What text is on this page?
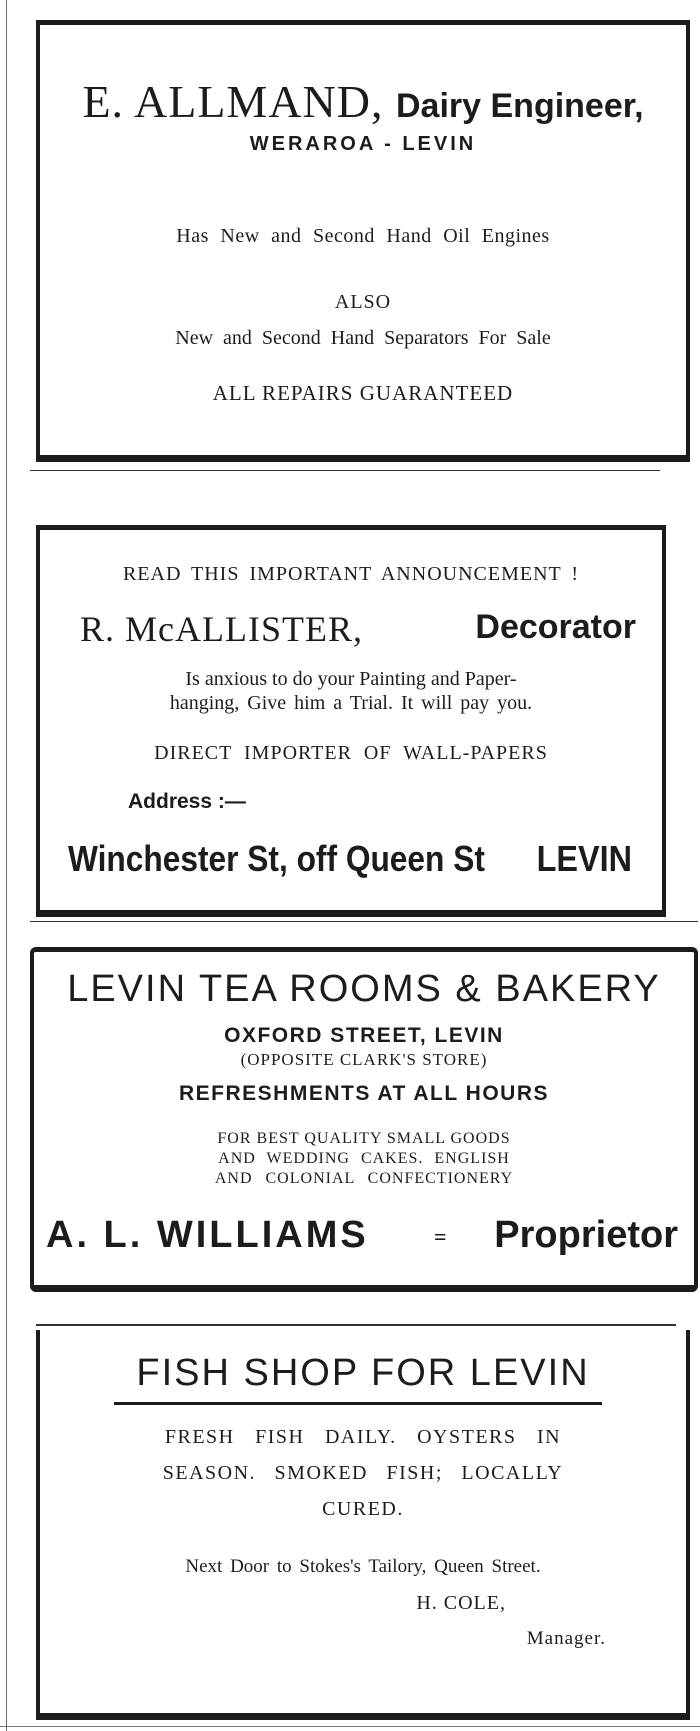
E. ALLMAND, Dairy Engineer,
WERAROA - LEVIN
Has New and Second Hand Oil Engines
ALSO
New and Second Hand Separators For Sale
ALL REPAIRS GUARANTEED
READ THIS IMPORTANT ANNOUNCEMENT !
R. McALLISTER,	Decorator
Is anxious to do your Painting and Paper-
hanging, Give him a Trial. It will pay you.
DIRECT IMPORTER OF WALL-PAPERS
Address :—
Winchester St, off Queen St LEVIN
LEVIN TEA ROOMS & BAKERY
OXFORD STREET, LEVIN
(OPPOSITE CLARK'S STORE)
REFRESHMENTS AT ALL HOURS
FOR BEST QUALITY SMALL GOODS
AND WEDDING CAKES. ENGLISH
AND COLONIAL CONFECTIONERY
A. L. WILLIAMS	= Proprietor
FISH SHOP FOR LEVIN
FRESH FISH DAILY. OYSTERS IN
SEASON. SMOKED FISH; LOCALLY
CURED.
Next Door to Stokes's Tailory, Queen Street.
H. COLE,
Manager.
